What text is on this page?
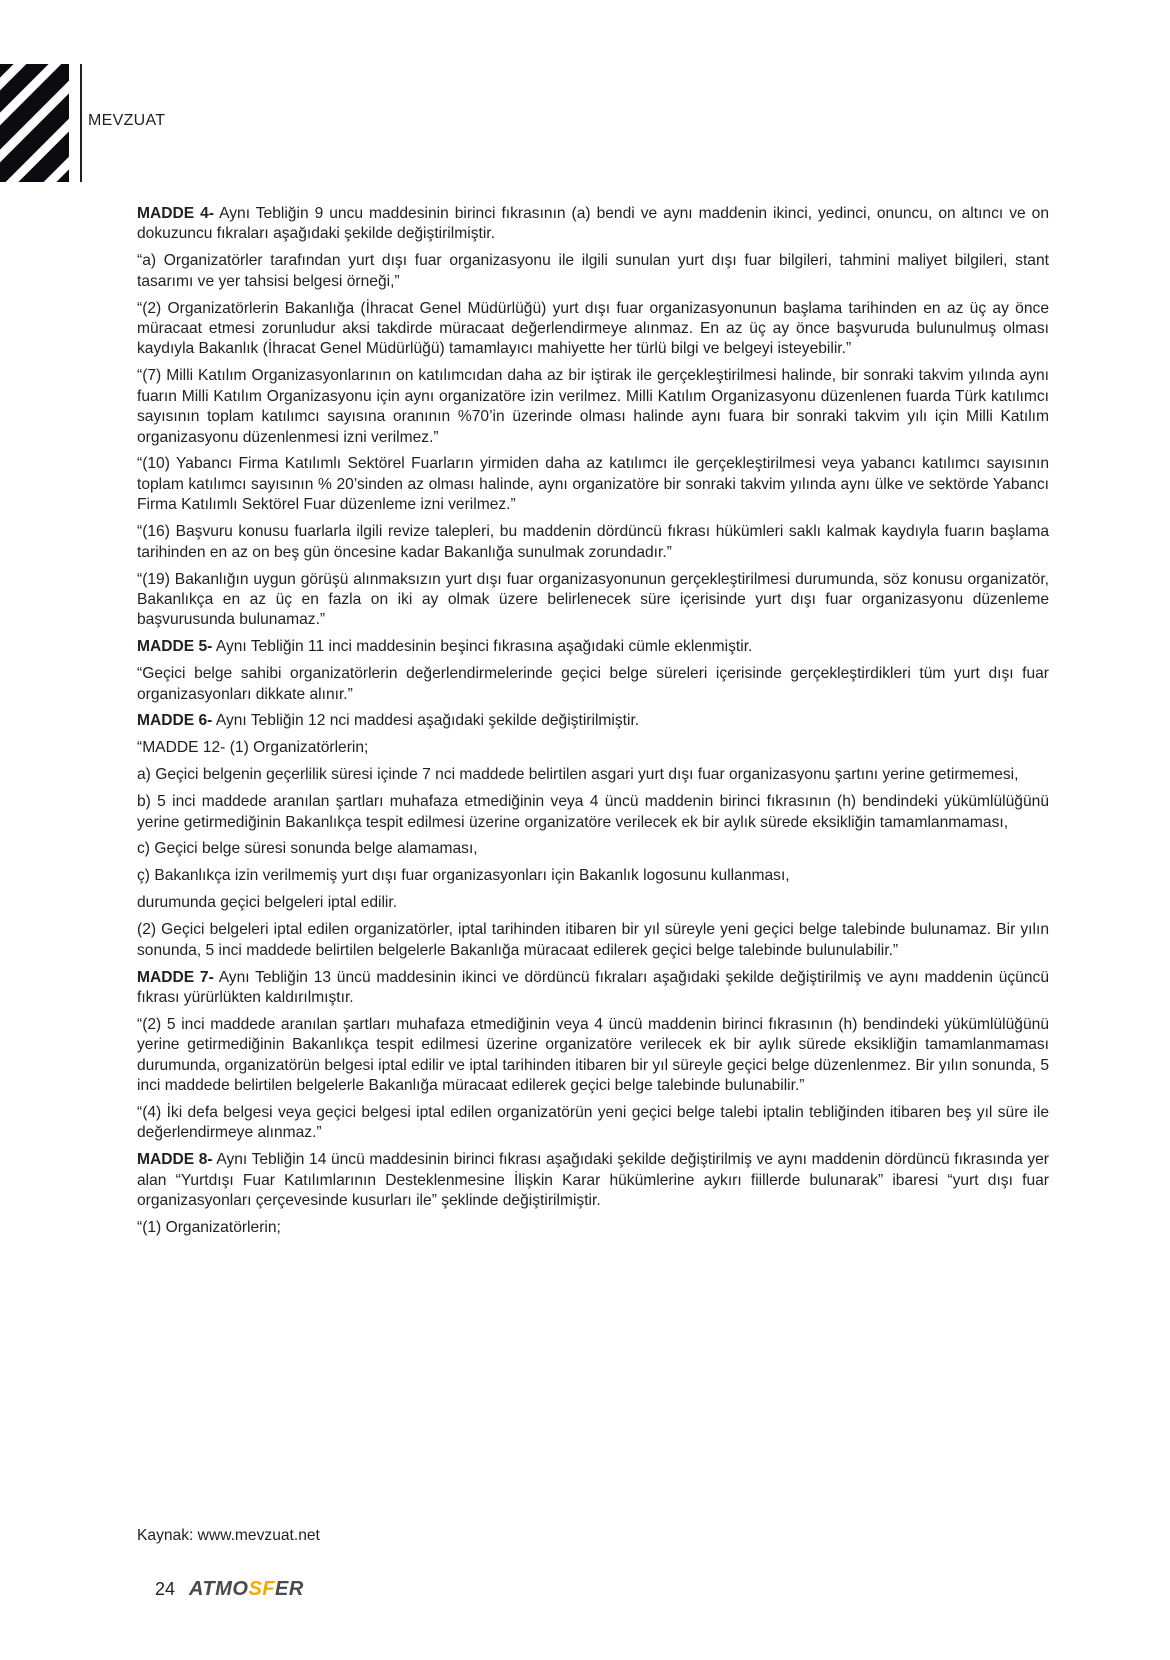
MEVZUAT

MADDE 4- Aynı Tebliğin 9 uncu maddesinin birinci fıkrasının (a) bendi ve aynı maddenin ikinci, yedinci, onuncu, on altıncı ve on dokuzuncu fıkraları aşağıdaki şekilde değiştirilmiştir.

“a) Organizatörler tarafından yurt dışı fuar organizasyonu ile ilgili sunulan yurt dışı fuar bilgileri, tahmini maliyet bilgileri, stant tasarımı ve yer tahsisi belgesi örneği,”

“(2) Organizatörlerin Bakanlığa (İhracat Genel Müdürlüğü) yurt dışı fuar organizasyonunun başlama tarihinden en az üç ay önce müracaat etmesi zorunludur aksi takdirde müracaat değerlendirmeye alınmaz. En az üç ay önce başvuruda bulunulmuş olması kaydıyla Bakanlık (İhracat Genel Müdürlüğü) tamamlayıcı mahiyette her türlü bilgi ve belgeyi isteyebilir.”

“(7) Milli Katılım Organizasyonlarının on katılımcıdan daha az bir iştirak ile gerçekleştirilmesi halinde, bir sonraki takvim yılında aynı fuarın Milli Katılım Organizasyonu için aynı organizatöre izin verilmez. Milli Katılım Organizasyonu düzenlenen fuarda Türk katılımcı sayısının toplam katılımcı sayısına oranının %70’in üzerinde olması halinde aynı fuara bir sonraki takvim yılı için Milli Katılım organizasyonu düzenlenmesi izni verilmez.”

“(10) Yabancı Firma Katılımlı Sektörel Fuarların yirmiden daha az katılımcı ile gerçekleştirilmesi veya yabancı katılımcı sayısının toplam katılımcı sayısının % 20’sinden az olması halinde, aynı organizatöre bir sonraki takvim yılında aynı ülke ve sektörde Yabancı Firma Katılımlı Sektörel Fuar düzenleme izni verilmez.”

“(16) Başvuru konusu fuarlarla ilgili revize talepleri, bu maddenin dördüncü fıkrası hükümleri saklı kalmak kaydıyla fuarın başlama tarihinden en az on beş gün öncesine kadar Bakanlığa sunulmak zorundadır.”

“(19) Bakanlığın uygun görüşü alınmaksızın yurt dışı fuar organizasyonunun gerçekleştirilmesi durumunda, söz konusu organizatör, Bakanlıkça en az üç en fazla on iki ay olmak üzere belirlenecek süre içerisinde yurt dışı fuar organizasyonu düzenleme başvurusunda bulunamaz.”

MADDE 5- Aynı Tebliğin 11 inci maddesinin beşinci fıkrasına aşağıdaki cümle eklenmiştir.

“Geçici belge sahibi organizatörlerin değerlendirmelerinde geçici belge süreleri içerisinde gerçekleştirdikleri tüm yurt dışı fuar organizasyonları dikkate alınır.”

MADDE 6- Aynı Tebliğin 12 nci maddesi aşağıdaki şekilde değiştirilmiştir.

“MADDE 12- (1) Organizatörlerin;

a) Geçici belgenin geçerlilik süresi içinde 7 nci maddede belirtilen asgari yurt dışı fuar organizasyonu şartını yerine getirmemesi,

b) 5 inci maddede aranılan şartları muhafaza etmediğinin veya 4 üncü maddenin birinci fıkrasının (h) bendindeki yükümlülüğünü yerine getirmediğinin Bakanlıkça tespit edilmesi üzerine organizatöre verilecek ek bir aylık sürede eksikliğin tamamlanmaması,

c) Geçici belge süresi sonunda belge alamaması,

ç) Bakanlıkça izin verilmemiş yurt dışı fuar organizasyonları için Bakanlık logosunu kullanması,

durumunda geçici belgeleri iptal edilir.

(2) Geçici belgeleri iptal edilen organizatörler, iptal tarihinden itibaren bir yıl süreyle yeni geçici belge talebinde bulunamaz. Bir yılın sonunda, 5 inci maddede belirtilen belgelerle Bakanlığa müracaat edilerek geçici belge talebinde bulunulabilir.”

MADDE 7- Aynı Tebliğin 13 üncü maddesinin ikinci ve dördüncü fıkraları aşağıdaki şekilde değiştirilmiş ve aynı maddenin üçüncü fıkrası yürürlükten kaldırılmıştır.

“(2) 5 inci maddede aranılan şartları muhafaza etmediğinin veya 4 üncü maddenin birinci fıkrasının (h) bendindeki yükümlülüğünü yerine getirmediğinin Bakanlıkça tespit edilmesi üzerine organizatöre verilecek ek bir aylık sürede eksikliğin tamamlanmaması durumunda, organizatörün belgesi iptal edilir ve iptal tarihinden itibaren bir yıl süreyle geçici belge düzenlenmez. Bir yılın sonunda, 5 inci maddede belirtilen belgelerle Bakanlığa müracaat edilerek geçici belge talebinde bulunabilir.”

“(4) İki defa belgesi veya geçici belgesi iptal edilen organizatörün yeni geçici belge talebi iptalin tebliğinden itibaren beş yıl süre ile değerlendirmeye alınmaz.”

MADDE 8- Aynı Tebliğin 14 üncü maddesinin birinci fıkrası aşağıdaki şekilde değiştirilmiş ve aynı maddenin dördüncü fıkrasında yer alan “Yurtdışı Fuar Katılımlarının Desteklenmesine İlişkin Karar hükümlerine aykırı fiillerde bulunarak” ibaresi “yurt dışı fuar organizasyonları çerçevesinde kusurları ile” şeklinde değiştirilmiştir.

“(1) Organizatörlerin;

Kaynak: www.mevzuat.net
24 ATMOSFER
